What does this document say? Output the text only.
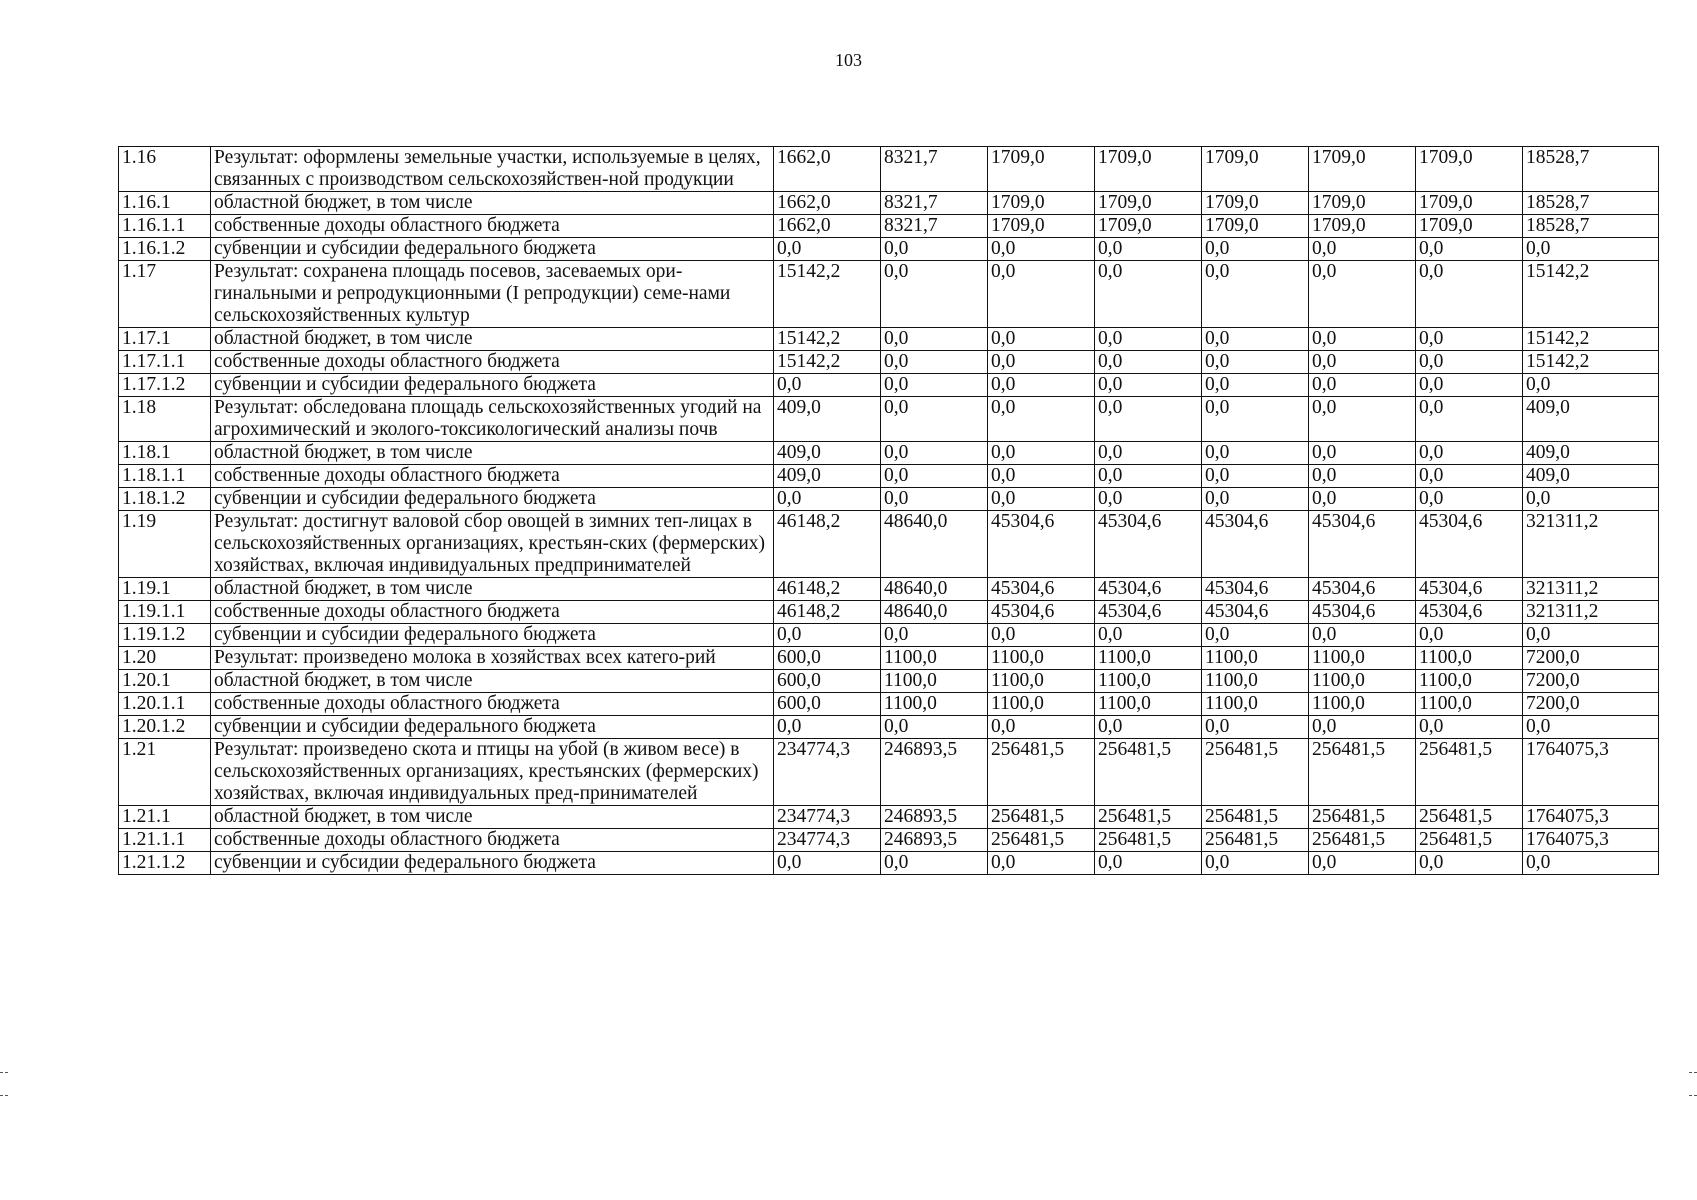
103
1.16	Результат: оформлены земельные участки, используемые в целях, связанных с производством сельскохозяйствен-ной продукции	1662,0	8321,7	1709,0	1709,0	1709,0	1709,0	1709,0	18528,7
1.16.1	областной бюджет, в том числе	1662,0	8321,7	1709,0	1709,0	1709,0	1709,0	1709,0	18528,7
1.16.1.1	собственные доходы областного бюджета	1662,0	8321,7	1709,0	1709,0	1709,0	1709,0	1709,0	18528,7
1.16.1.2	субвенции и субсидии федерального бюджета	0,0	0,0	0,0	0,0	0,0	0,0	0,0	0,0
1.17	Результат: сохранена площадь посевов, засеваемых ори-гинальными и репродукционными (I репродукции) семе-нами сельскохозяйственных культур	15142,2	0,0	0,0	0,0	0,0	0,0	0,0	15142,2
1.17.1	областной бюджет, в том числе	15142,2	0,0	0,0	0,0	0,0	0,0	0,0	15142,2
1.17.1.1	собственные доходы областного бюджета	15142,2	0,0	0,0	0,0	0,0	0,0	0,0	15142,2
1.17.1.2	субвенции и субсидии федерального бюджета	0,0	0,0	0,0	0,0	0,0	0,0	0,0	0,0
1.18	Результат: обследована площадь сельскохозяйственных угодий на агрохимический и эколого-токсикологический анализы почв	409,0	0,0	0,0	0,0	0,0	0,0	0,0	409,0
1.18.1	областной бюджет, в том числе	409,0	0,0	0,0	0,0	0,0	0,0	0,0	409,0
1.18.1.1	собственные доходы областного бюджета	409,0	0,0	0,0	0,0	0,0	0,0	0,0	409,0
1.18.1.2	субвенции и субсидии федерального бюджета	0,0	0,0	0,0	0,0	0,0	0,0	0,0	0,0
1.19	Результат: достигнут валовой сбор овощей в зимних теп-лицах в сельскохозяйственных организациях, крестьян-ских (фермерских) хозяйствах, включая индивидуальных предпринимателей	46148,2	48640,0	45304,6	45304,6	45304,6	45304,6	45304,6	321311,2
1.19.1	областной бюджет, в том числе	46148,2	48640,0	45304,6	45304,6	45304,6	45304,6	45304,6	321311,2
1.19.1.1	собственные доходы областного бюджета	46148,2	48640,0	45304,6	45304,6	45304,6	45304,6	45304,6	321311,2
1.19.1.2	субвенции и субсидии федерального бюджета	0,0	0,0	0,0	0,0	0,0	0,0	0,0	0,0
1.20	Результат: произведено молока в хозяйствах всех катего-рий	600,0	1100,0	1100,0	1100,0	1100,0	1100,0	1100,0	7200,0
1.20.1	областной бюджет, в том числе	600,0	1100,0	1100,0	1100,0	1100,0	1100,0	1100,0	7200,0
1.20.1.1	собственные доходы областного бюджета	600,0	1100,0	1100,0	1100,0	1100,0	1100,0	1100,0	7200,0
1.20.1.2	субвенции и субсидии федерального бюджета	0,0	0,0	0,0	0,0	0,0	0,0	0,0	0,0
1.21	Результат: произведено скота и птицы на убой (в живом весе) в сельскохозяйственных организациях, крестьянских (фермерских) хозяйствах, включая индивидуальных пред-принимателей	234774,3	246893,5	256481,5	256481,5	256481,5	256481,5	256481,5	1764075,3
1.21.1	областной бюджет, в том числе	234774,3	246893,5	256481,5	256481,5	256481,5	256481,5	256481,5	1764075,3
1.21.1.1	собственные доходы областного бюджета	234774,3	246893,5	256481,5	256481,5	256481,5	256481,5	256481,5	1764075,3
1.21.1.2	субвенции и субсидии федерального бюджета	0,0	0,0	0,0	0,0	0,0	0,0	0,0	0,0
